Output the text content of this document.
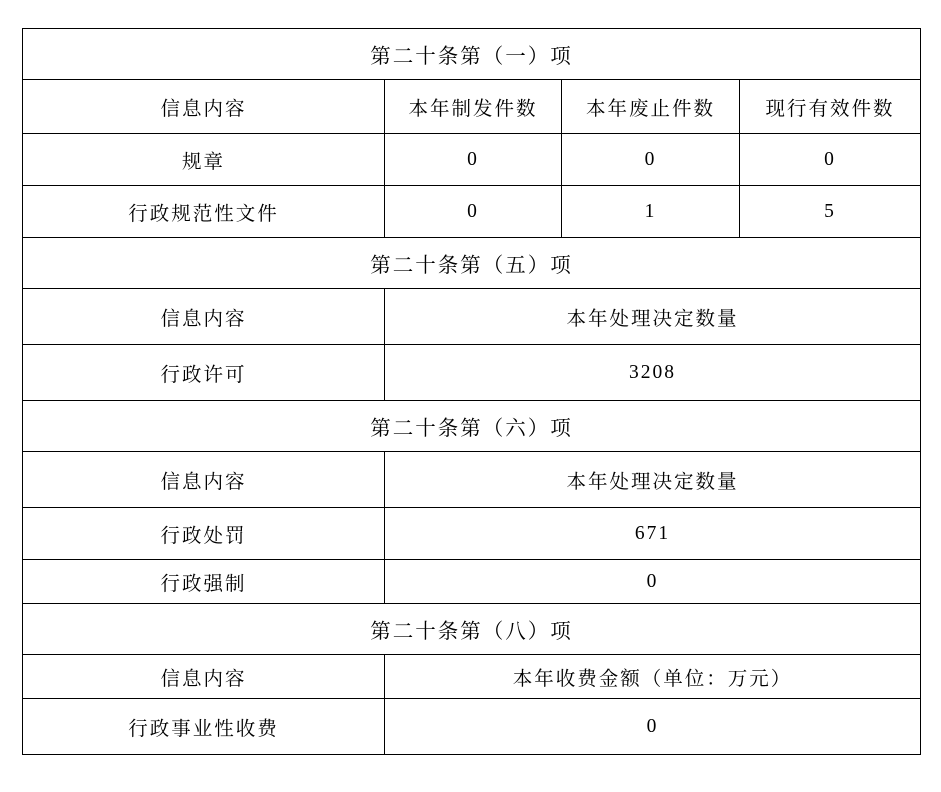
第二十条第（一）项			
信息内容	本年制发件数	本年废止件数	现行有效件数
规章	0	0	0
行政规范性文件	0	1	5
第二十条第（五）项			
信息内容	本年处理决定数量		
行政许可	3208		
第二十条第（六）项			
信息内容	本年处理决定数量		
行政处罚	671		
行政强制	0		
第二十条第（八）项			
信息内容	本年收费金额（单位：万元）		
行政事业性收费	0		
